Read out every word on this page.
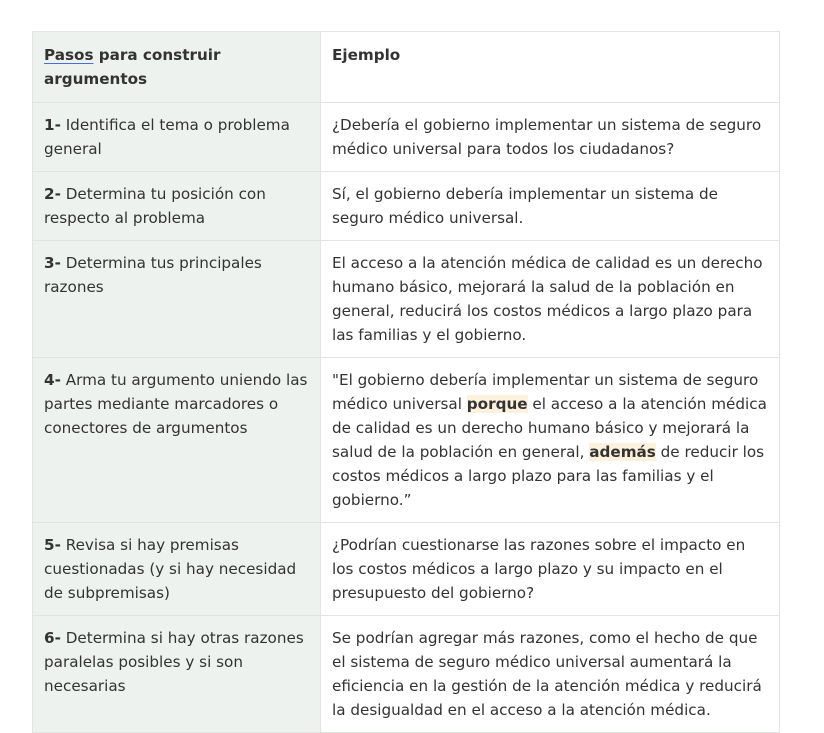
Pasos para construir argumentos	Ejemplo
1- Identifica el tema o problema general	¿Debería el gobierno implementar un sistema de seguro médico universal para todos los ciudadanos?
2- Determina tu posición con respecto al problema	Sí, el gobierno debería implementar un sistema de seguro médico universal.
3- Determina tus principales razones	El acceso a la atención médica de calidad es un derecho humano básico, mejorará la salud de la población en general, reducirá los costos médicos a largo plazo para las familias y el gobierno.
4- Arma tu argumento uniendo las partes mediante marcadores o conectores de argumentos	"El gobierno debería implementar un sistema de seguro médico universal porque el acceso a la atención médica de calidad es un derecho humano básico y mejorará la salud de la población en general, además de reducir los costos médicos a largo plazo para las familias y el gobierno.”
5- Revisa si hay premisas cuestionadas (y si hay necesidad de subpremisas)	¿Podrían cuestionarse las razones sobre el impacto en los costos médicos a largo plazo y su impacto en el presupuesto del gobierno?
6- Determina si hay otras razones paralelas posibles y si son necesarias	Se podrían agregar más razones, como el hecho de que el sistema de seguro médico universal aumentará la eficiencia en la gestión de la atención médica y reducirá la desigualdad en el acceso a la atención médica.
